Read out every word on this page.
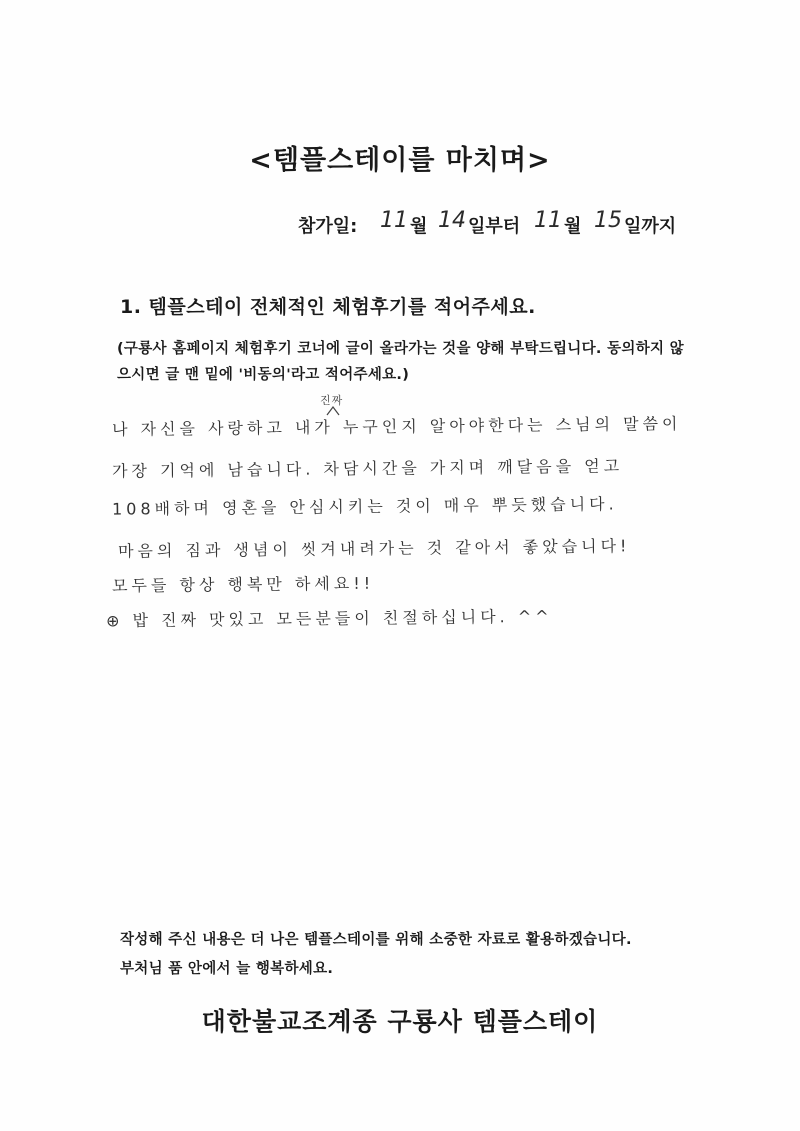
<템플스테이를 마치며>
참가일: 11 월 14 일부터 11 월 15 일까지
1. 템플스테이 전체적인 체험후기를 적어주세요.
(구룡사 홈페이지 체험후기 코너에 글이 올라가는 것을 양해 부탁드립니다. 동의하지 않으시면 글 맨 밑에 '비동의'라고 적어주세요.)
진짜
나 자신을 사랑하고 내가 누구인지 알아야한다는 스님의 말씀이
가장 기억에 남습니다. 차담시간을 가지며 깨달음을 얻고
108배하며 영혼을 안심시키는 것이 매우 뿌듯했습니다.
마음의 짐과 생념이 씻겨내려가는 것 같아서 좋았습니다!
모두들 항상 행복만 하세요!!
⊕ 밥 진짜 맛있고 모든분들이 친절하십니다. ^^
작성해 주신 내용은 더 나은 템플스테이를 위해 소중한 자료로 활용하겠습니다.
부처님 품 안에서 늘 행복하세요.
대한불교조계종 구룡사 템플스테이
